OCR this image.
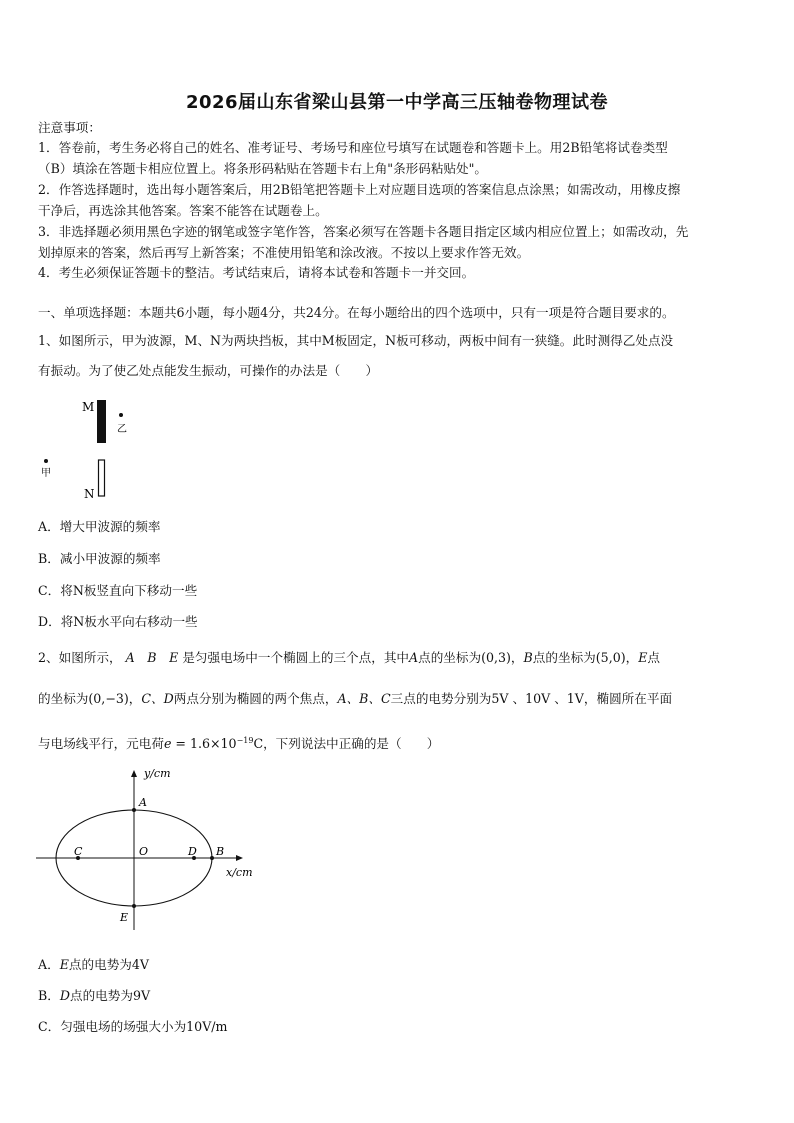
2026届山东省梁山县第一中学高三压轴卷物理试卷
注意事项：
1．答卷前，考生务必将自己的姓名、准考证号、考场号和座位号填写在试题卷和答题卡上。用2B铅笔将试卷类型
（B）填涂在答题卡相应位置上。将条形码粘贴在答题卡右上角"条形码粘贴处"。
2．作答选择题时，选出每小题答案后，用2B铅笔把答题卡上对应题目选项的答案信息点涂黑；如需改动，用橡皮擦
干净后，再选涂其他答案。答案不能答在试题卷上。
3．非选择题必须用黑色字迹的钢笔或签字笔作答，答案必须写在答题卡各题目指定区域内相应位置上；如需改动，先
划掉原来的答案，然后再写上新答案；不准使用铅笔和涂改液。不按以上要求作答无效。
4．考生必须保证答题卡的整洁。考试结束后，请将本试卷和答题卡一并交回。
一、单项选择题：本题共6小题，每小题4分，共24分。在每小题给出的四个选项中，只有一项是符合题目要求的。
1、如图所示，甲为波源，M、N为两块挡板，其中M板固定，N板可移动，两板中间有一狭缝。此时测得乙处点没
有振动。为了使乙处点能发生振动，可操作的办法是（　　）
M
乙
甲
N
A．增大甲波源的频率
B．减小甲波源的频率
C．将N板竖直向下移动一些
D．将N板水平向右移动一些
2、如图所示， A　B　E 是匀强电场中一个椭圆上的三个点，其中A点的坐标为(0,3)，B点的坐标为(5,0)，E点
的坐标为(0,−3)，C、D两点分别为椭圆的两个焦点，A、B、C三点的电势分别为5V 、10V 、1V，椭圆所在平面
与电场线平行，元电荷$e = 1.6\times 10^{-19}C$，下列说法中正确的是（　　）
y/cm
x/cm
A
B
C	D
E
O
A．E点的电势为4V
B．D点的电势为9V
C．匀强电场的场强大小为10V/m
